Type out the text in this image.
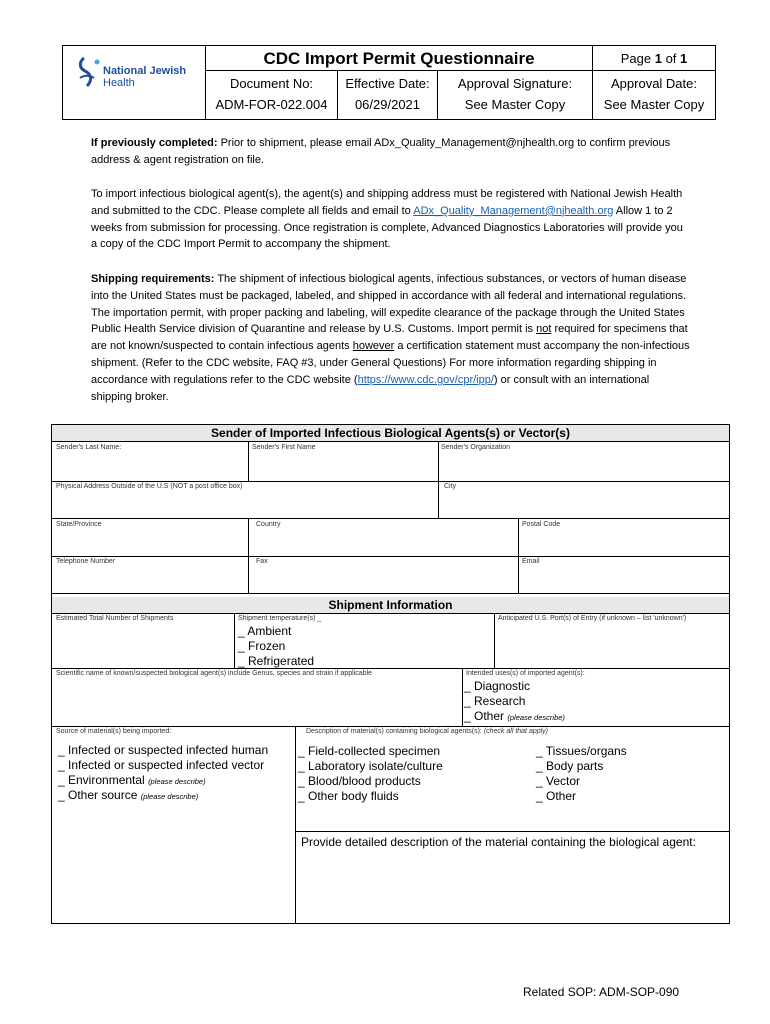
National Jewish
Health
CDC Import Permit Questionnaire	Page 1 of 1
Document No:
ADM-FOR-022.004
Effective Date:
06/29/2021
Approval Signature:
See Master Copy
Approval Date:
See Master Copy
If previously completed: Prior to shipment, please email ADx_Quality_Management@njhealth.org to confirm previous address & agent registration on file.
To import infectious biological agent(s), the agent(s) and shipping address must be registered with National Jewish Health and submitted to the CDC. Please complete all fields and email to ADx_Quality_Management@njhealth.org Allow 1 to 2 weeks from submission for processing. Once registration is complete, Advanced Diagnostics Laboratories will provide you a copy of the CDC Import Permit to accompany the shipment.
Shipping requirements: The shipment of infectious biological agents, infectious substances, or vectors of human disease into the United States must be packaged, labeled, and shipped in accordance with all federal and international regulations. The importation permit, with proper packing and labeling, will expedite clearance of the package through the United States Public Health Service division of Quarantine and release by U.S. Customs. Import permit is not required for specimens that are not known/suspected to contain infectious agents however a certification statement must accompany the non-infectious shipment. (Refer to the CDC website, FAQ #3, under General Questions) For more information regarding shipping in accordance with regulations refer to the CDC website (https://www.cdc.gov/cpr/ipp/) or consult with an international shipping broker.
Sender of Imported Infectious Biological Agents(s) or Vector(s)
Sender's Last Name:	Sender's First Name	Sender's Organization
Physical Address Outside of the U.S (NOT a post office box)	City
State/Province	Country	Postal Code
Telephone Number	Fax	Email
Shipment Information
Estimated Total Number of Shipments	Shipment temperature(s) _
_ Ambient
_ Frozen
_ Refrigerated
Anticipated U.S. Port(s) of Entry (if unknown – list 'unknown')
Scientific name of known/suspected biological agent(s) include Genus, species and strain if applicable	Intended uses(s) of imported agent(s):
_ Diagnostic
_ Research
_ Other (please describe)
Source of material(s) being imported:
_ Infected or suspected infected human
_ Infected or suspected infected vector
_ Environmental (please describe)
_ Other source (please describe)
Description of material(s) containing biological agents(s): (check all that apply)
_ Field-collected specimen
_ Laboratory isolate/culture
_ Blood/blood products
_ Other body fluids
_ Tissues/organs
_ Body parts
_ Vector
_ Other
Provide detailed description of the material containing the biological agent:
Related SOP: ADM-SOP-090
